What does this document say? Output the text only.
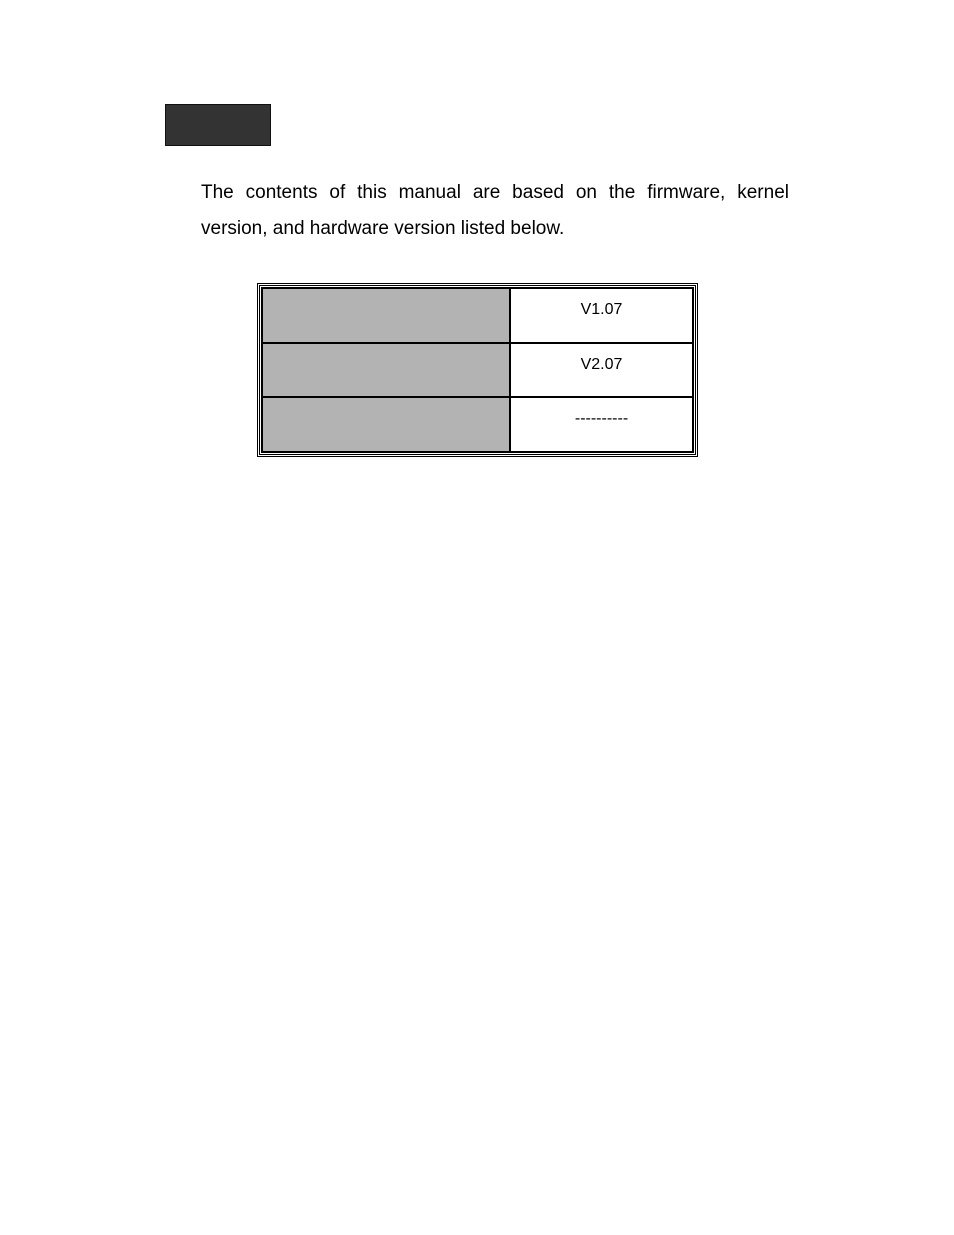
The contents of this manual are based on the firmware, kernel version, and hardware version listed below.

	V1.07
	V2.07
	----------
